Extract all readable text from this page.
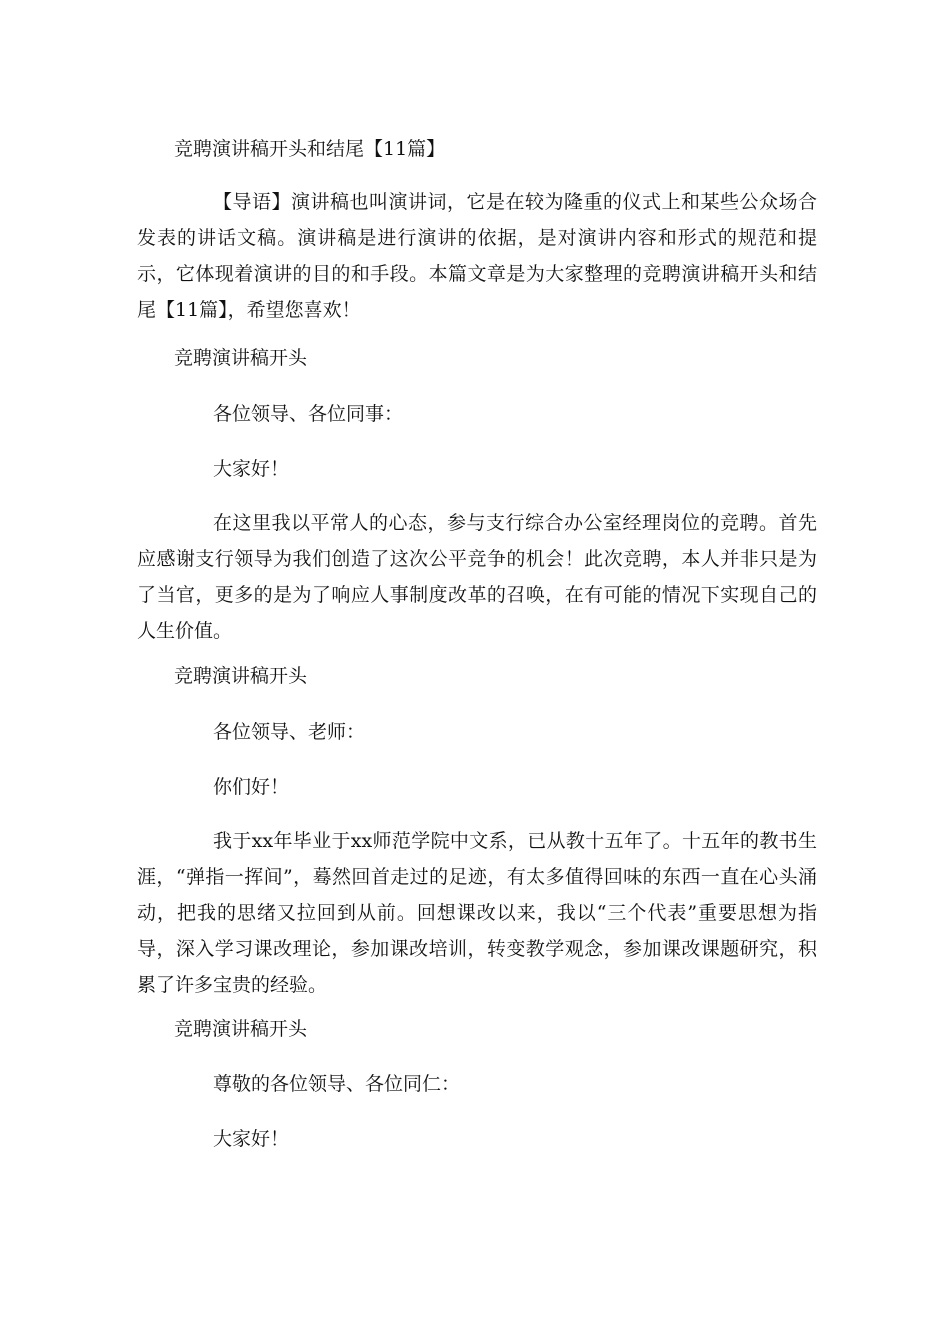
竞聘演讲稿开头和结尾【11篇】

【导语】演讲稿也叫演讲词，它是在较为隆重的仪式上和某些公众场合发表的讲话文稿。演讲稿是进行演讲的依据，是对演讲内容和形式的规范和提示，它体现着演讲的目的和手段。本篇文章是为大家整理的竞聘演讲稿开头和结尾【11篇】，希望您喜欢！

竞聘演讲稿开头
各位领导、各位同事：
大家好！

在这里我以平常人的心态，参与支行综合办公室经理岗位的竞聘。首先应感谢支行领导为我们创造了这次公平竞争的机会！此次竞聘，本人并非只是为了当官，更多的是为了响应人事制度改革的召唤，在有可能的情况下实现自己的人生价值。

竞聘演讲稿开头
各位领导、老师：
你们好！

我于xx年毕业于xx师范学院中文系，已从教十五年了。十五年的教书生涯，“弹指一挥间”，蓦然回首走过的足迹，有太多值得回味的东西一直在心头涌动，把我的思绪又拉回到从前。回想课改以来，我以“三个代表”重要思想为指导，深入学习课改理论，参加课改培训，转变教学观念，参加课改课题研究，积累了许多宝贵的经验。

竞聘演讲稿开头
尊敬的各位领导、各位同仁：
大家好！
